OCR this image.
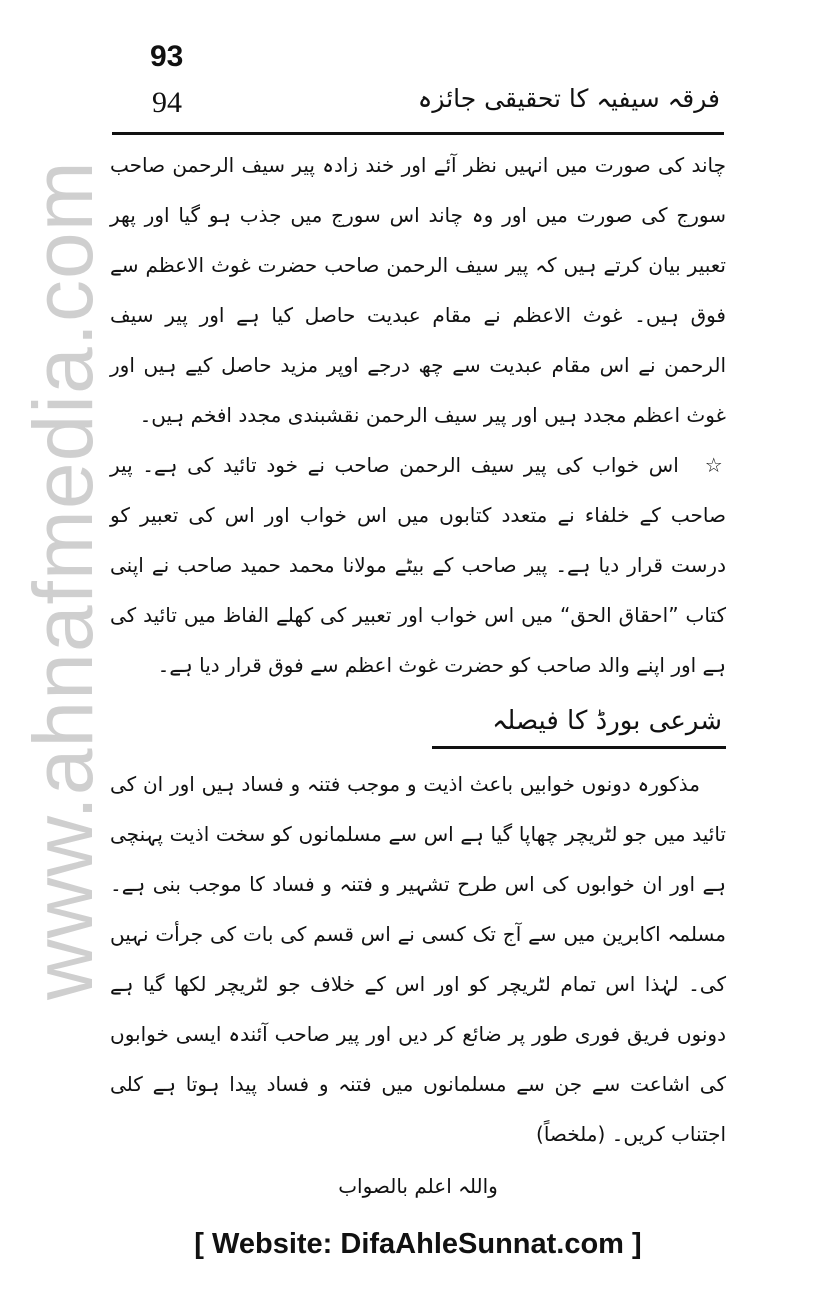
93
94	فرقہ سیفیہ کا تحقیقی جائزہ
www.ahnafmedia.com چاند کی صورت میں انہیں نظر آئے اور خند زادہ پیر سیف الرحمن صاحب سورج کی صورت میں اور وہ چاند اس سورج میں جذب ہو گیا اور پھر تعبیر بیان کرتے ہیں کہ پیر سیف الرحمن صاحب حضرت غوث الاعظم سے فوق ہیں۔ غوث الاعظم نے مقام عبدیت حاصل کیا ہے اور پیر سیف الرحمن نے اس مقام عبدیت سے چھ درجے اوپر مزید حاصل کیے ہیں اور غوث اعظم مجدد ہیں اور پیر سیف الرحمن نقشبندی مجدد افخم ہیں۔

☆اس خواب کی پیر سیف الرحمن صاحب نے خود تائید کی ہے۔ پیر صاحب کے خلفاء نے متعدد کتابوں میں اس خواب اور اس کی تعبیر کو درست قرار دیا ہے۔ پیر صاحب کے بیٹے مولانا محمد حمید صاحب نے اپنی کتاب ”احقاق الحق“ میں اس خواب اور تعبیر کی کھلے الفاظ میں تائید کی ہے اور اپنے والد صاحب کو حضرت غوث اعظم سے فوق قرار دیا ہے۔

شرعی بورڈ کا فیصلہ

مذکورہ دونوں خوابیں باعث اذیت و موجب فتنہ و فساد ہیں اور ان کی تائید میں جو لٹریچر چھاپا گیا ہے اس سے مسلمانوں کو سخت اذیت پہنچی ہے اور ان خوابوں کی اس طرح تشہیر و فتنہ و فساد کا موجب بنی ہے۔ مسلمہ اکابرین میں سے آج تک کسی نے اس قسم کی بات کی جرأت نہیں کی۔ لہٰذا اس تمام لٹریچر کو اور اس کے خلاف جو لٹریچر لکھا گیا ہے دونوں فریق فوری طور پر ضائع کر دیں اور پیر صاحب آئندہ ایسی خوابوں کی اشاعت سے جن سے مسلمانوں میں فتنہ و فساد پیدا ہوتا ہے کلی اجتناب کریں۔ (ملخصاً)

واللہ اعلم بالصواب
[ Website: DifaAhleSunnat.com ]
